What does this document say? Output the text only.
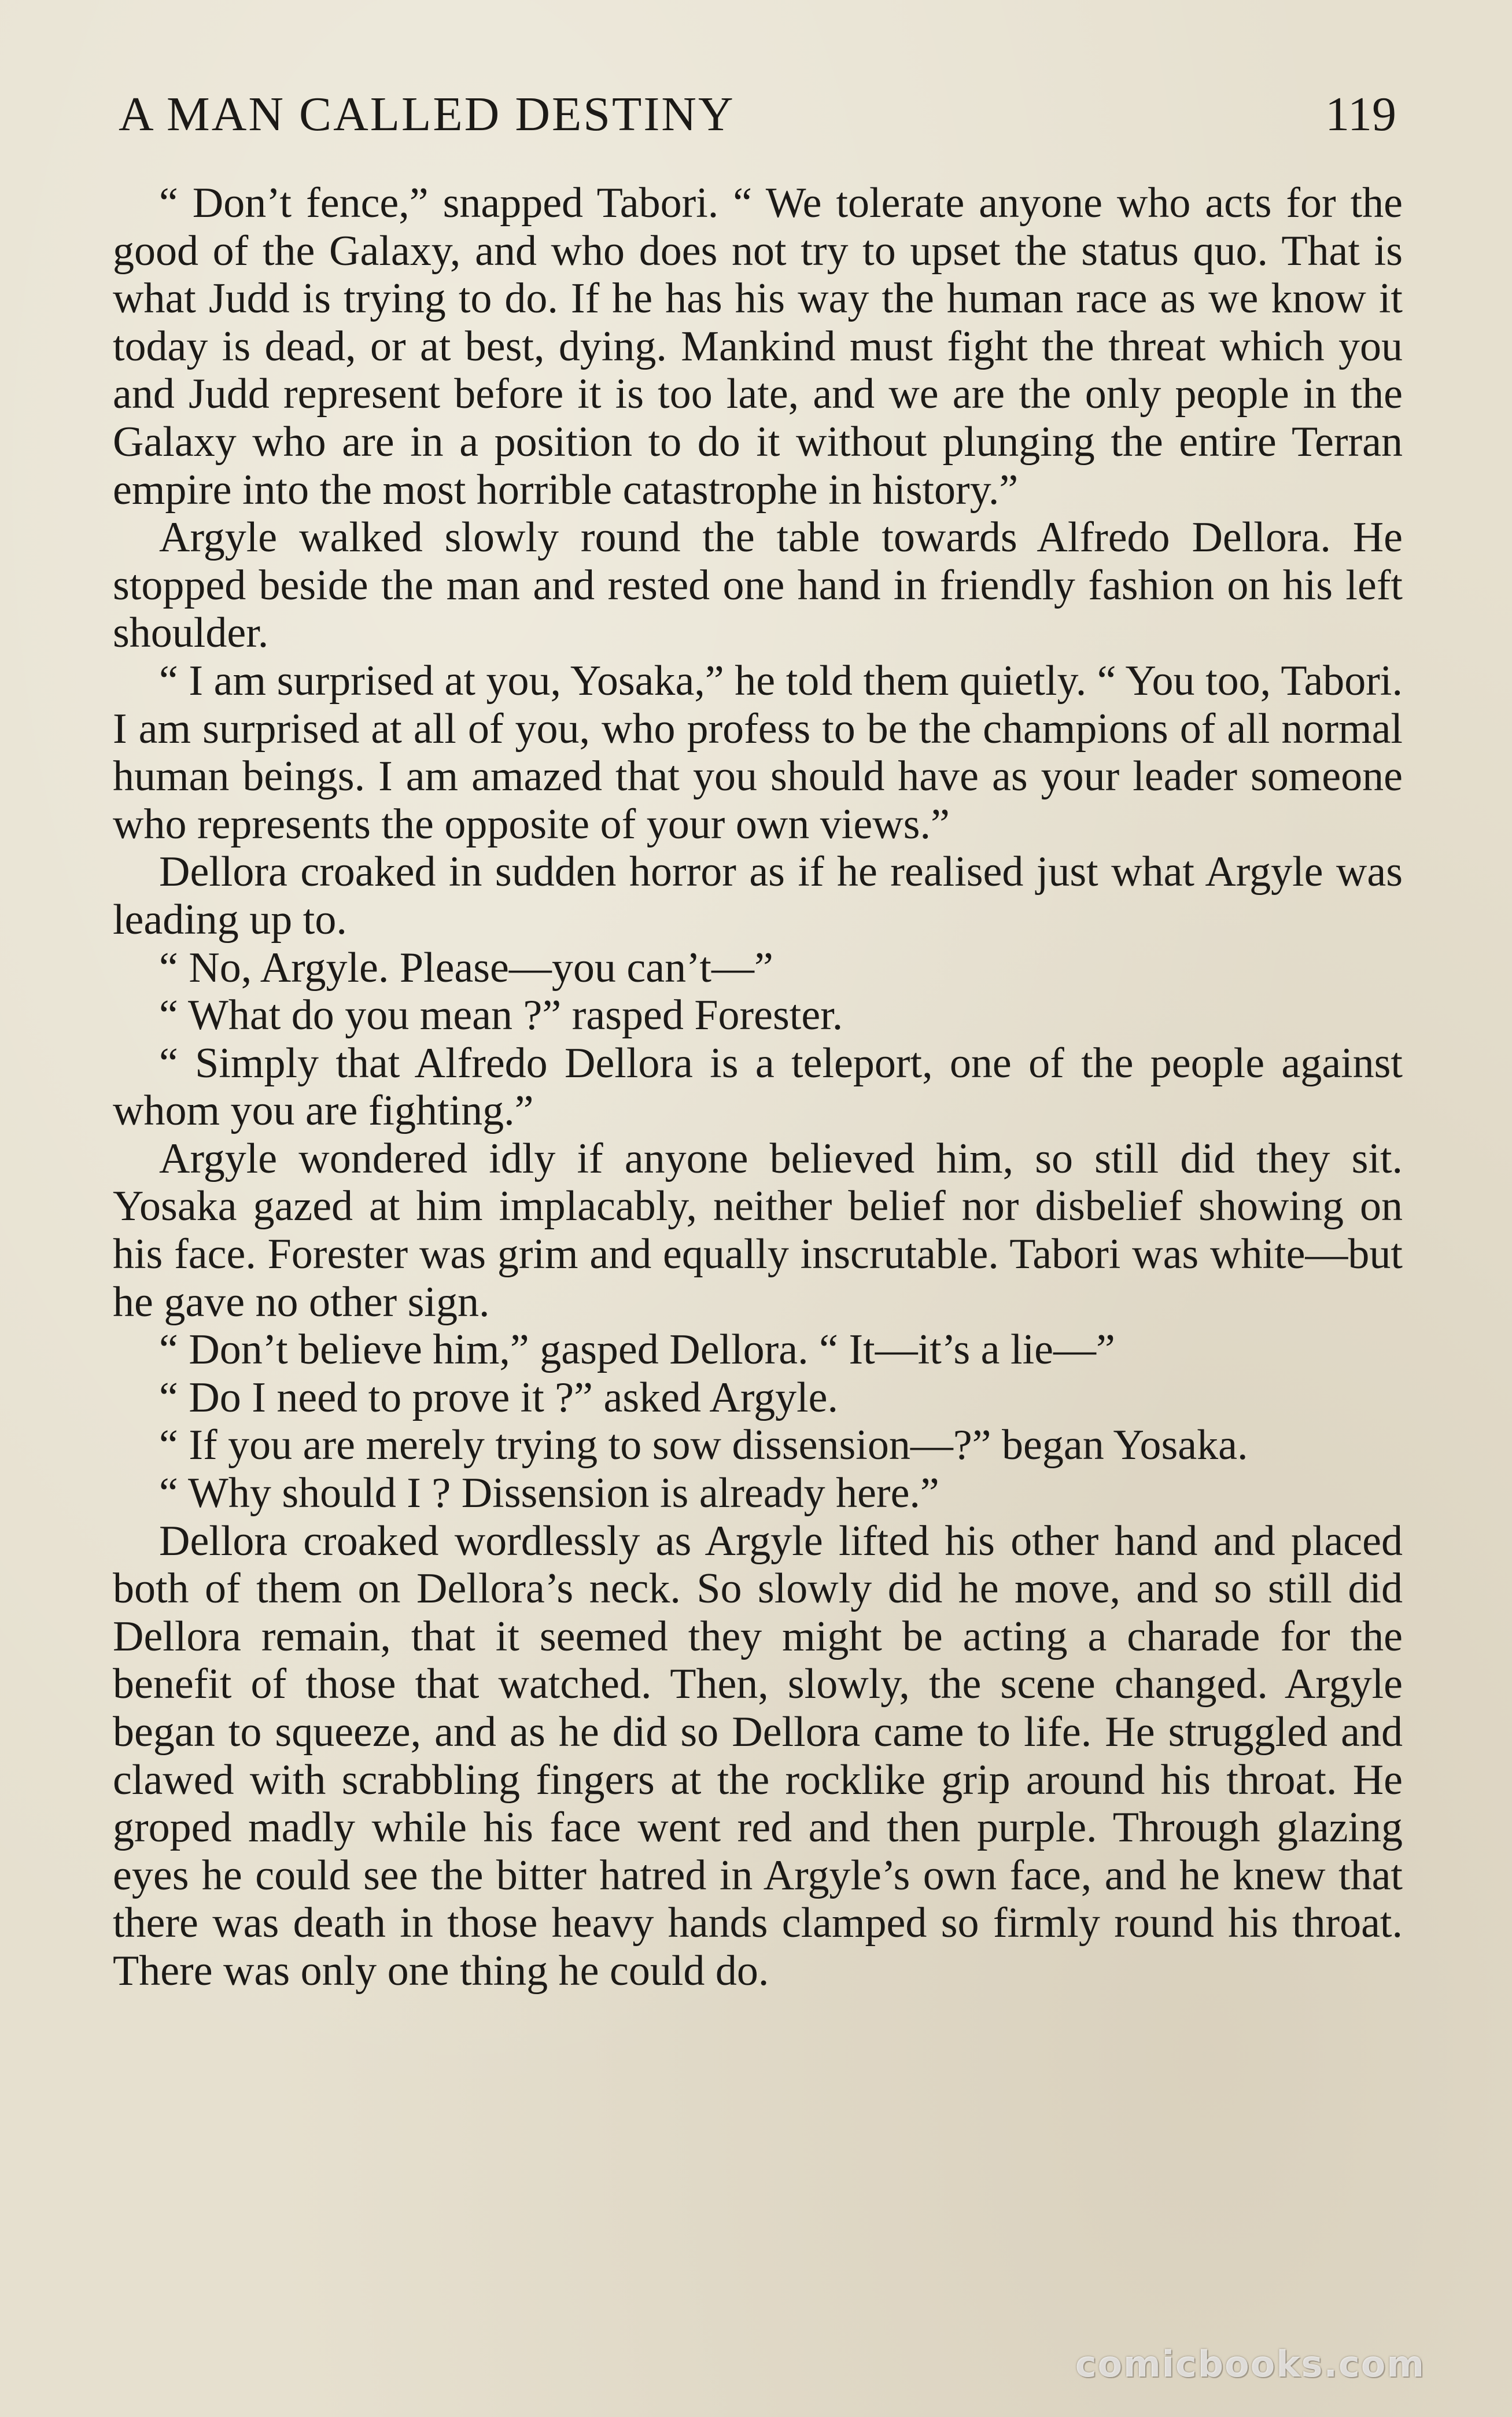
A MAN CALLED DESTINY	119

“ Don’t fence,” snapped Tabori. “ We tolerate anyone who acts for the good of the Galaxy, and who does not try to upset the status quo. That is what Judd is trying to do. If he has his way the human race as we know it today is dead, or at best, dying. Mankind must fight the threat which you and Judd represent before it is too late, and we are the only people in the Galaxy who are in a position to do it without plunging the entire Terran empire into the most horrible catastrophe in history.”

Argyle walked slowly round the table towards Alfredo Dellora. He stopped beside the man and rested one hand in friendly fashion on his left shoulder.

“ I am surprised at you, Yosaka,” he told them quietly. “ You too, Tabori. I am surprised at all of you, who profess to be the champions of all normal human beings. I am amazed that you should have as your leader someone who represents the opposite of your own views.”

Dellora croaked in sudden horror as if he realised just what Argyle was leading up to.

“ No, Argyle. Please—you can’t—”

“ What do you mean ?” rasped Forester.

“ Simply that Alfredo Dellora is a teleport, one of the people against whom you are fighting.”

Argyle wondered idly if anyone believed him, so still did they sit. Yosaka gazed at him implacably, neither belief nor disbelief showing on his face. Forester was grim and equally inscrutable. Tabori was white—but he gave no other sign.

“ Don’t believe him,” gasped Dellora. “ It—it’s a lie—”

“ Do I need to prove it ?” asked Argyle.

“ If you are merely trying to sow dissension—?” began Yosaka.

“ Why should I ? Dissension is already here.”

Dellora croaked wordlessly as Argyle lifted his other hand and placed both of them on Dellora’s neck. So slowly did he move, and so still did Dellora remain, that it seemed they might be acting a charade for the benefit of those that watched. Then, slowly, the scene changed. Argyle began to squeeze, and as he did so Dellora came to life. He struggled and clawed with scrabbling fingers at the rocklike grip around his throat. He groped madly while his face went red and then purple. Through glazing eyes he could see the bitter hatred in Argyle’s own face, and he knew that there was death in those heavy hands clamped so firmly round his throat. There was only one thing he could do.

comicbooks.com
